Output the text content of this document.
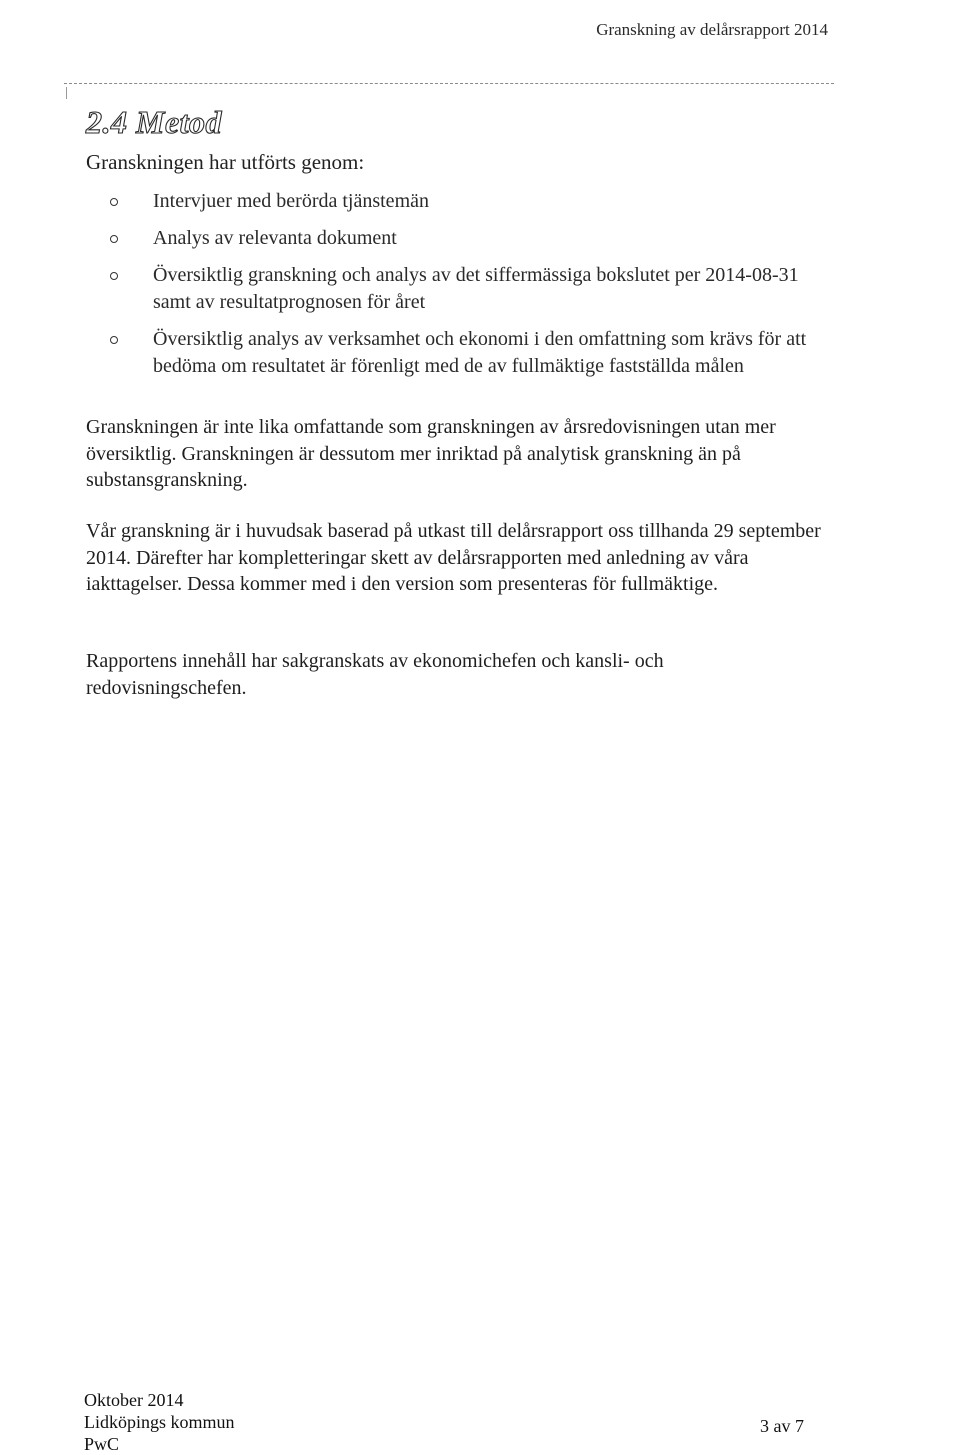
Granskning av delårsrapport 2014
2.4 Metod
Granskningen har utförts genom:
Intervjuer med berörda tjänstemän
Analys av relevanta dokument
Översiktlig granskning och analys av det siffermässiga bokslutet per 2014-08-31 samt av resultatprognosen för året
Översiktlig analys av verksamhet och ekonomi i den omfattning som krävs för att bedöma om resultatet är förenligt med de av fullmäktige fastställda målen

Granskningen är inte lika omfattande som granskningen av årsredovisningen utan mer översiktlig. Granskningen är dessutom mer inriktad på analytisk granskning än på substansgranskning.

Vår granskning är i huvudsak baserad på utkast till delårsrapport oss tillhanda 29 september 2014. Därefter har kompletteringar skett av delårsrapporten med anledning av våra iakttagelser. Dessa kommer med i den version som presenteras för fullmäktige.

Rapportens innehåll har sakgranskats av ekonomichefen och kansli- och redovisningschefen.

Oktober 2014
Lidköpings kommun
PwC
3 av 7
